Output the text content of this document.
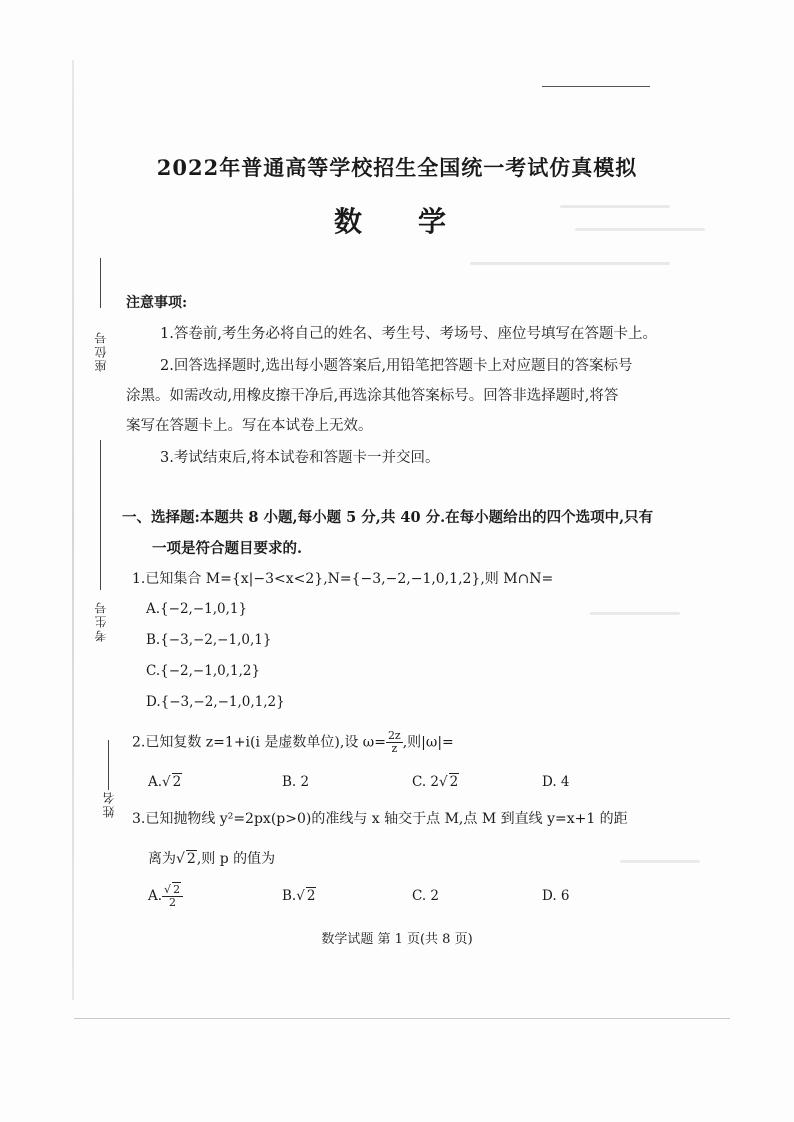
2022年普通高等学校招生全国统一考试仿真模拟
数　学
座位号
考生号
姓名
注意事项:
1.答卷前,考生务必将自己的姓名、考生号、考场号、座位号填写在答题卡上。
2.回答选择题时,选出每小题答案后,用铅笔把答题卡上对应题目的答案标号
涂黑。如需改动,用橡皮擦干净后,再选涂其他答案标号。回答非选择题时,将答
案写在答题卡上。写在本试卷上无效。
3.考试结束后,将本试卷和答题卡一并交回。
一、选择题:本题共 8 小题,每小题 5 分,共 40 分.在每小题给出的四个选项中,只有
一项是符合题目要求的.
1.已知集合 M={x|−3<x<2},N={−3,−2,−1,0,1,2},则 M∩N=
A.{−2,−1,0,1}
B.{−3,−2,−1,0,1}
C.{−2,−1,0,1,2}
D.{−3,−2,−1,0,1,2}
2.已知复数 z=1+i(i 是虚数单位),设 $\omega= \frac{2z}{z}$ ,则|ω|=
A.√ 2	B. 2	C. 2√ 2	D. 4
3.已知抛物线 y²=2px(p>0)的准线与 x 轴交于点 M,点 M 到直线 y=x+1 的距
离为√ 2,则 p 的值为
A. $\frac{√ 2}{2}$	B.√ 2	C. 2	D. 6
数学试题 第 1 页(共 8 页)
